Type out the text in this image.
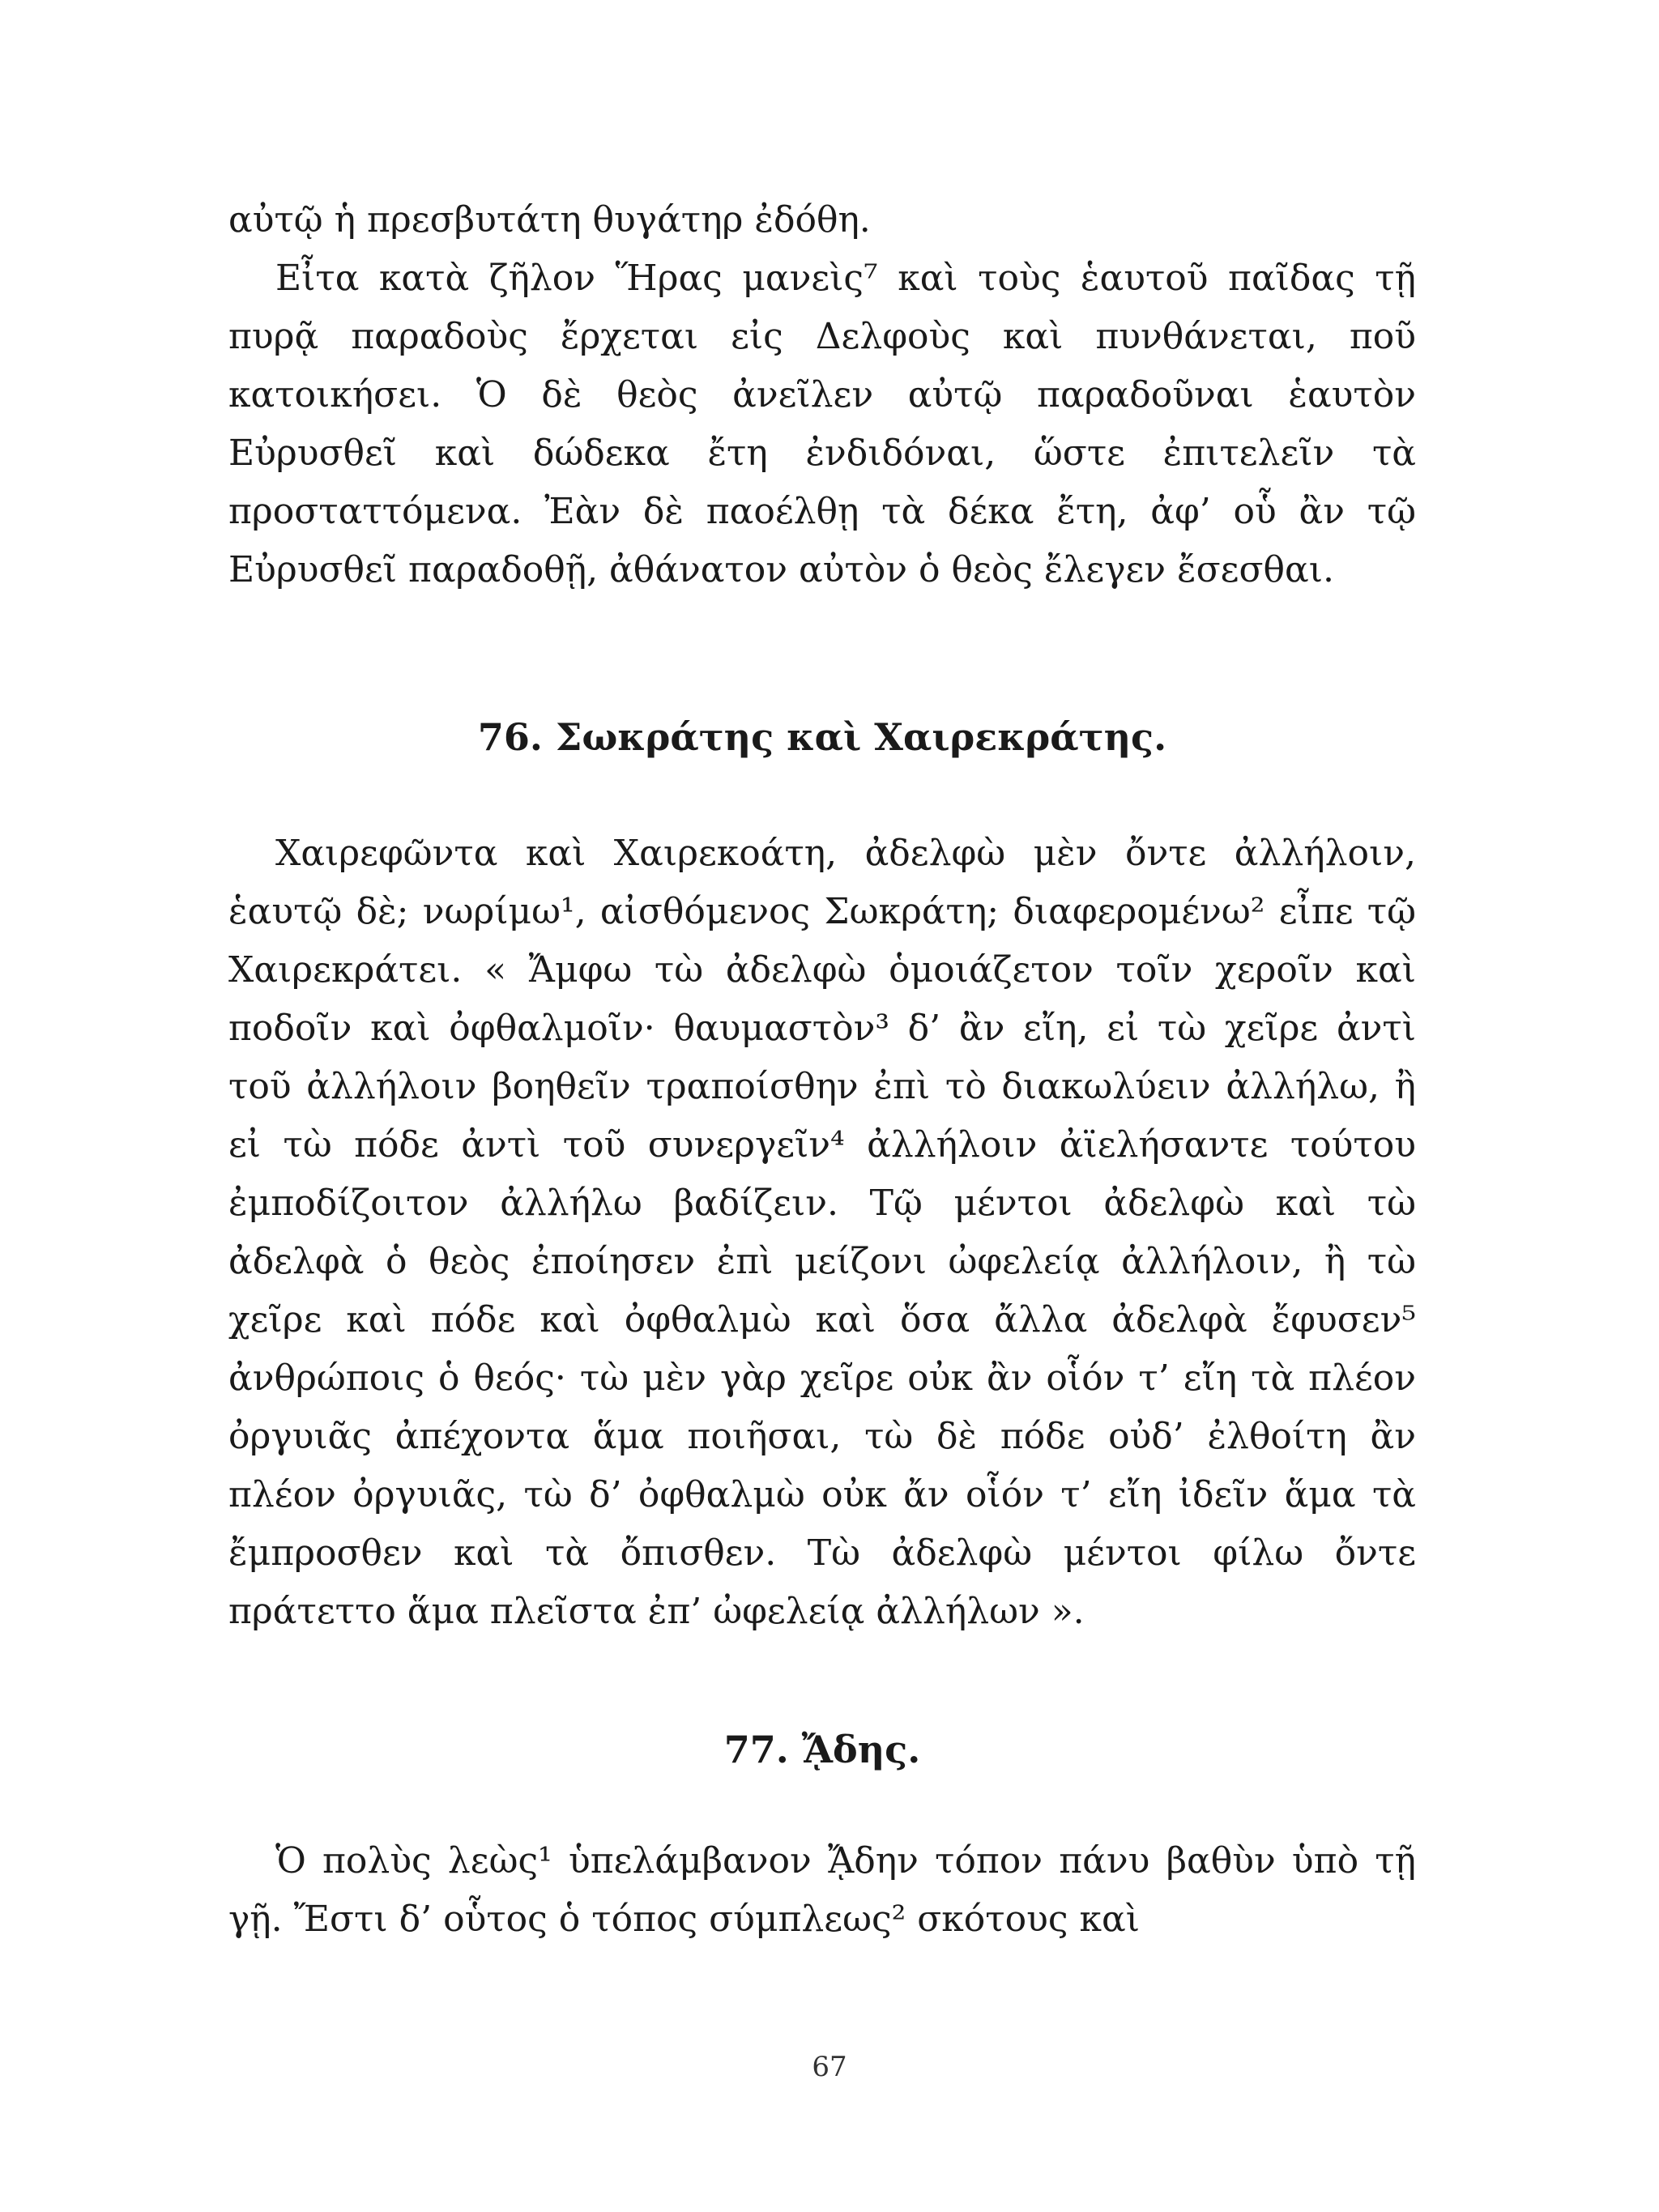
αὐτῷ ἡ πρεσβυτάτη θυγάτηρ ἐδόθη.

Εἶτα κατὰ ζῆλον Ἥρας μανεὶς⁷ καὶ τοὺς ἑαυτοῦ παῖδας τῇ πυρᾷ παραδοὺς ἔρχεται εἰς Δελφοὺς καὶ πυνθάνεται, ποῦ κατοικήσει. Ὁ δὲ θεὸς ἀνεῖλεν αὐτῷ παραδοῦναι ἑαυτὸν Εὐρυσθεῖ καὶ δώδεκα ἔτη ἐνδιδόναι, ὥστε ἐπιτελεῖν τὰ προσταττόμενα. Ἐὰν δὲ παοέλθῃ τὰ δέκα ἔτη, ἀφ’ οὗ ἂν τῷ Εὐρυσθεῖ παραδοθῇ, ἀθάνατον αὐτὸν ὁ θεὸς ἔλεγεν ἔσεσθαι.

76. Σωκράτης καὶ Χαιρεκράτης.

Χαιρεφῶντα καὶ Χαιρεκοάτη, ἀδελφὼ μὲν ὄντε ἀλλήλοιν, ἑαυτῷ δὲ; νωρίμω¹, αἰσθόμενος Σωκράτη; διαφερομένω² εἶπε τῷ Χαιρεκράτει. « Ἄμφω τὼ ἀδελφὼ ὁμοιάζετον τοῖν χεροῖν καὶ ποδοῖν καὶ ὀφθαλμοῖν· θαυμαστὸν³ δ’ ἂν εἴη, εἰ τὼ χεῖρε ἀντὶ τοῦ ἀλλήλοιν βοηθεῖν τραποίσθην ἐπὶ τὸ διακωλύειν ἀλλήλω, ἢ εἰ τὼ πόδε ἀντὶ τοῦ συνεργεῖν⁴ ἀλλήλοιν ἀϊελήσαντε τούτου ἐμποδίζοιτον ἀλλήλω βαδίζειν. Τῷ μέντοι ἀδελφὼ καὶ τὼ ἀδελφὰ ὁ θεὸς ἐποίησεν ἐπὶ μείζονι ὠφελείᾳ ἀλλήλοιν, ἢ τὼ χεῖρε καὶ πόδε καὶ ὀφθαλμὼ καὶ ὅσα ἄλλα ἀδελφὰ ἔφυσεν⁵ ἀνθρώποις ὁ θεός· τὼ μὲν γὰρ χεῖρε οὐκ ἂν οἷόν τ’ εἴη τὰ πλέον ὀργυιᾶς ἀπέχοντα ἅμα ποιῆσαι, τὼ δὲ πόδε οὐδ’ ἐλθοίτη ἂν πλέον ὀργυιᾶς, τὼ δ’ ὀφθαλμὼ οὐκ ἄν οἷόν τ’ εἴη ἰδεῖν ἅμα τὰ ἔμπροσθεν καὶ τὰ ὄπισθεν. Τὼ ἀδελφὼ μέντοι φίλω ὄντε πράτεττο ἅμα πλεῖστα ἐπ’ ὠφελείᾳ ἀλλήλων ».

77. ᾌδης.

Ὁ πολὺς λεὼς¹ ὑπελάμβανον ᾌδην τόπον πάνυ βαθὺν ὑπὸ τῇ γῇ. Ἔστι δ’ οὗτος ὁ τόπος σύμπλεως² σκότους καὶ

67
